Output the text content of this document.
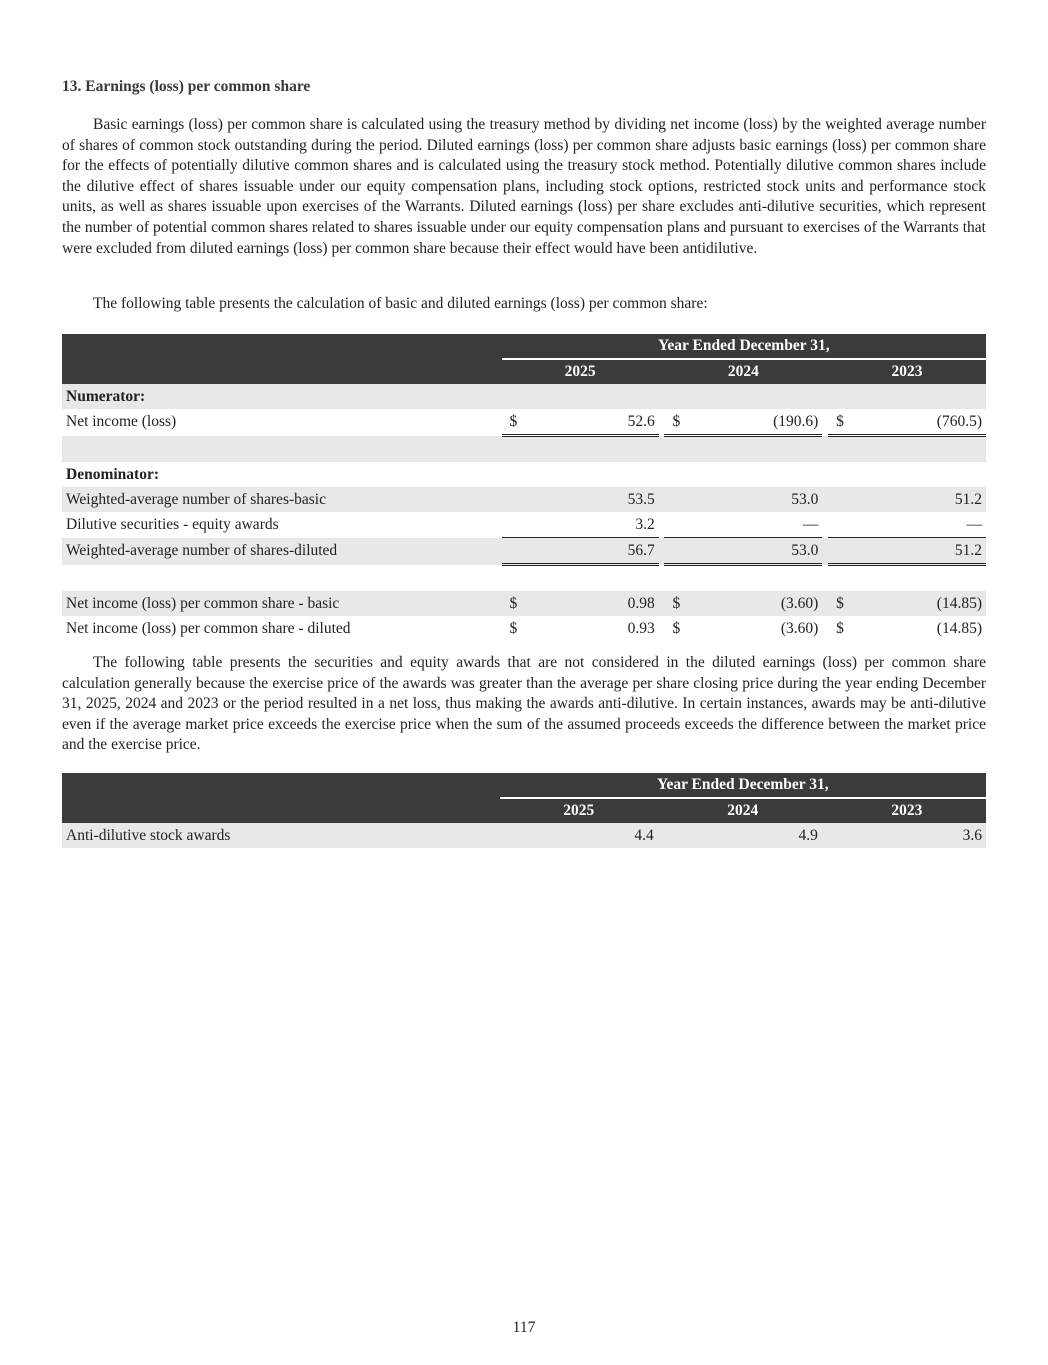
13. Earnings (loss) per common share

Basic earnings (loss) per common share is calculated using the treasury method by dividing net income (loss) by the weighted average number of shares of common stock outstanding during the period. Diluted earnings (loss) per common share adjusts basic earnings (loss) per common share for the effects of potentially dilutive common shares and is calculated using the treasury stock method. Potentially dilutive common shares include the dilutive effect of shares issuable under our equity compensation plans, including stock options, restricted stock units and performance stock units, as well as shares issuable upon exercises of the Warrants. Diluted earnings (loss) per share excludes anti-dilutive securities, which represent the number of potential common shares related to shares issuable under our equity compensation plans and pursuant to exercises of the Warrants that were excluded from diluted earnings (loss) per common share because their effect would have been antidilutive.

The following table presents the calculation of basic and diluted earnings (loss) per common share:

	Year Ended December 31,							
	2025			2024			2023	
Numerator:								
Net income (loss)	$	52.6		$	(190.6)		$	(760.5)

Denominator:								
Weighted-average number of shares-basic		53.5			53.0			51.2
Dilutive securities - equity awards		3.2			—			—
Weighted-average number of shares-diluted		56.7			53.0			51.2

Net income (loss) per common share - basic	$	0.98		$	(3.60)		$	(14.85)
Net income (loss) per common share - diluted	$	0.93		$	(3.60)		$	(14.85)

The following table presents the securities and equity awards that are not considered in the diluted earnings (loss) per common share calculation generally because the exercise price of the awards was greater than the average per share closing price during the year ending December 31, 2025, 2024 and 2023 or the period resulted in a net loss, thus making the awards anti-dilutive. In certain instances, awards may be anti-dilutive even if the average market price exceeds the exercise price when the sum of the assumed proceeds exceeds the difference between the market price and the exercise price.

	Year Ended December 31,							
	2025			2024			2023	
Anti-dilutive stock awards		4.4			4.9			3.6
117
